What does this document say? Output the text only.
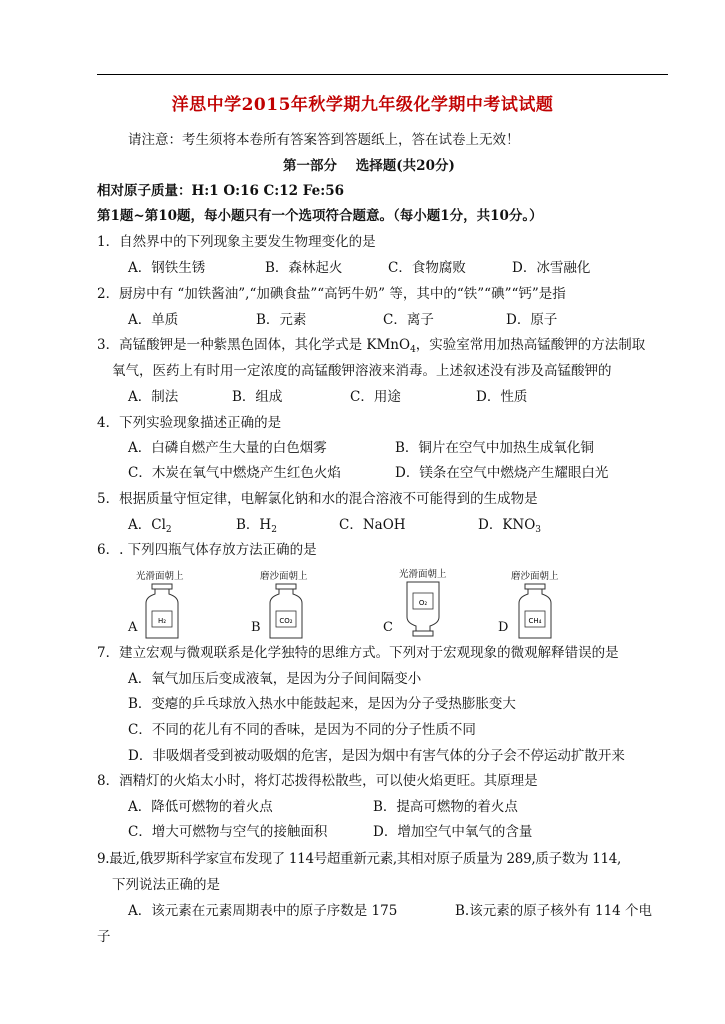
洋思中学2015年秋学期九年级化学期中考试试题
请注意：考生须将本卷所有答案答到答题纸上，答在试卷上无效！
第一部分    选择题(共20分)
相对原子质量：H:1 O:16 C:12 Fe:56
第1题~第10题，每小题只有一个选项符合题意。（每小题1分，共10分。）
1．自然界中的下列现象主要发生物理变化的是
A．钢铁生锈	B．森林起火	C．食物腐败	D．冰雪融化
2．厨房中有 “加铁酱油”,“加碘食盐”“高钙牛奶” 等，其中的“铁”“碘”“钙”是指
A．单质	B．元素	C．离子	D．原子
3．高锰酸钾是一种紫黑色固体，其化学式是 KMnO$_4$，实验室常用加热高锰酸钾的方法制取
氧气，医药上有时用一定浓度的高锰酸钾溶液来消毒。上述叙述没有涉及高锰酸钾的
A．制法	B．组成	C．用途	D．性质
4．下列实验现象描述正确的是
A．白磷自燃产生大量的白色烟雾	B．铜片在空气中加热生成氧化铜
C．木炭在氧气中燃烧产生红色火焰	D．镁条在空气中燃烧产生耀眼白光
5．根据质量守恒定律，电解氯化钠和水的混合溶液不可能得到的生成物是
A．$Cl_2$	B．$H_2$	C．NaOH	D．$KNO_3$
6．. 下列四瓶气体存放方法正确的是
光滑面朝上
A	H₂
磨沙面朝上
B	CO₂
光滑面朝上
C
O₂
磨沙面朝上
D	CH₄
7．建立宏观与微观联系是化学独特的思维方式。下列对于宏观现象的微观解释错误的是
A．氧气加压后变成液氧，是因为分子间间隔变小
B．变瘪的乒乓球放入热水中能鼓起来，是因为分子受热膨胀变大
C．不同的花儿有不同的香味，是因为不同的分子性质不同
D．非吸烟者受到被动吸烟的危害，是因为烟中有害气体的分子会不停运动扩散开来
8．酒精灯的火焰太小时，将灯芯拨得松散些，可以使火焰更旺。其原理是
A．降低可燃物的着火点	B．提高可燃物的着火点
C．增大可燃物与空气的接触面积	D．增加空气中氧气的含量
9.最近,俄罗斯科学家宣布发现了 114号超重新元素,其相对原子质量为 289,质子数为 114,
下列说法正确的是
A．该元素在元素周期表中的原子序数是 175	B.该元素的原子核外有 114 个电
子
